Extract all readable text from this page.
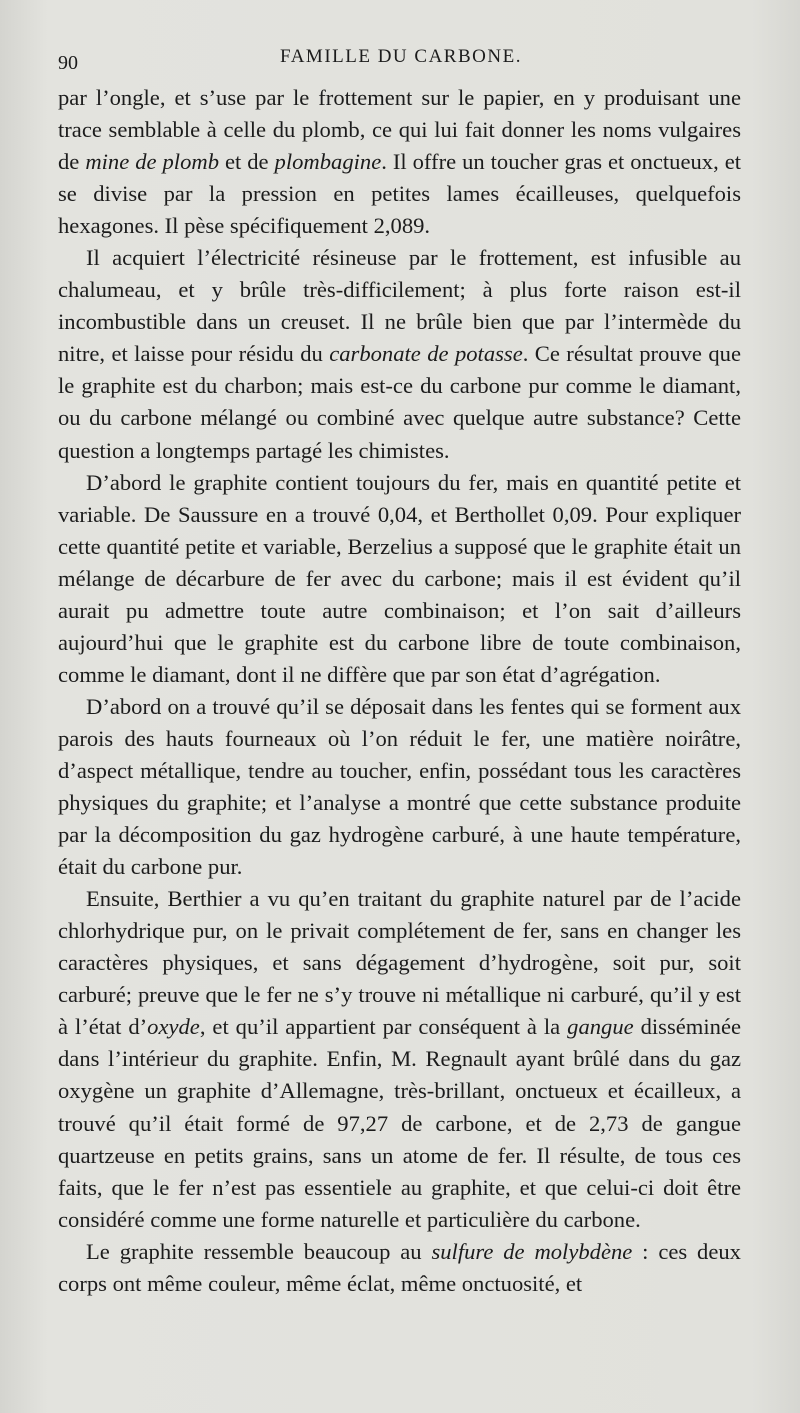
90	FAMILLE DU CARBONE.

par l’ongle, et s’use par le frottement sur le papier, en y produisant une trace semblable à celle du plomb, ce qui lui fait donner les noms vulgaires de mine de plomb et de plombagine. Il offre un toucher gras et onctueux, et se divise par la pression en petites lames écailleuses, quelquefois hexagones. Il pèse spécifiquement 2,089.

Il acquiert l’électricité résineuse par le frottement, est infusible au chalumeau, et y brûle très-difficilement; à plus forte raison est-il incombustible dans un creuset. Il ne brûle bien que par l’intermède du nitre, et laisse pour résidu du carbonate de potasse. Ce résultat prouve que le graphite est du charbon; mais est-ce du carbone pur comme le diamant, ou du carbone mélangé ou combiné avec quelque autre substance? Cette question a longtemps partagé les chimistes.

D’abord le graphite contient toujours du fer, mais en quantité petite et variable. De Saussure en a trouvé 0,04, et Berthollet 0,09. Pour expliquer cette quantité petite et variable, Berzelius a supposé que le graphite était un mélange de décarbure de fer avec du carbone; mais il est évident qu’il aurait pu admettre toute autre combinaison; et l’on sait d’ailleurs aujourd’hui que le graphite est du carbone libre de toute combinaison, comme le diamant, dont il ne diffère que par son état d’agrégation.

D’abord on a trouvé qu’il se déposait dans les fentes qui se forment aux parois des hauts fourneaux où l’on réduit le fer, une matière noirâtre, d’aspect métallique, tendre au toucher, enfin, possédant tous les caractères physiques du graphite; et l’analyse a montré que cette substance produite par la décomposition du gaz hydrogène carburé, à une haute température, était du carbone pur.

Ensuite, Berthier a vu qu’en traitant du graphite naturel par de l’acide chlorhydrique pur, on le privait complétement de fer, sans en changer les caractères physiques, et sans dégagement d’hydrogène, soit pur, soit carburé; preuve que le fer ne s’y trouve ni métallique ni carburé, qu’il y est à l’état d’oxyde, et qu’il appartient par conséquent à la gangue disséminée dans l’intérieur du graphite. Enfin, M. Regnault ayant brûlé dans du gaz oxygène un graphite d’Allemagne, très-brillant, onctueux et écailleux, a trouvé qu’il était formé de 97,27 de carbone, et de 2,73 de gangue quartzeuse en petits grains, sans un atome de fer. Il résulte, de tous ces faits, que le fer n’est pas essentiele au graphite, et que celui-ci doit être considéré comme une forme naturelle et particulière du carbone.

Le graphite ressemble beaucoup au sulfure de molybdène : ces deux corps ont même couleur, même éclat, même onctuosité, et
